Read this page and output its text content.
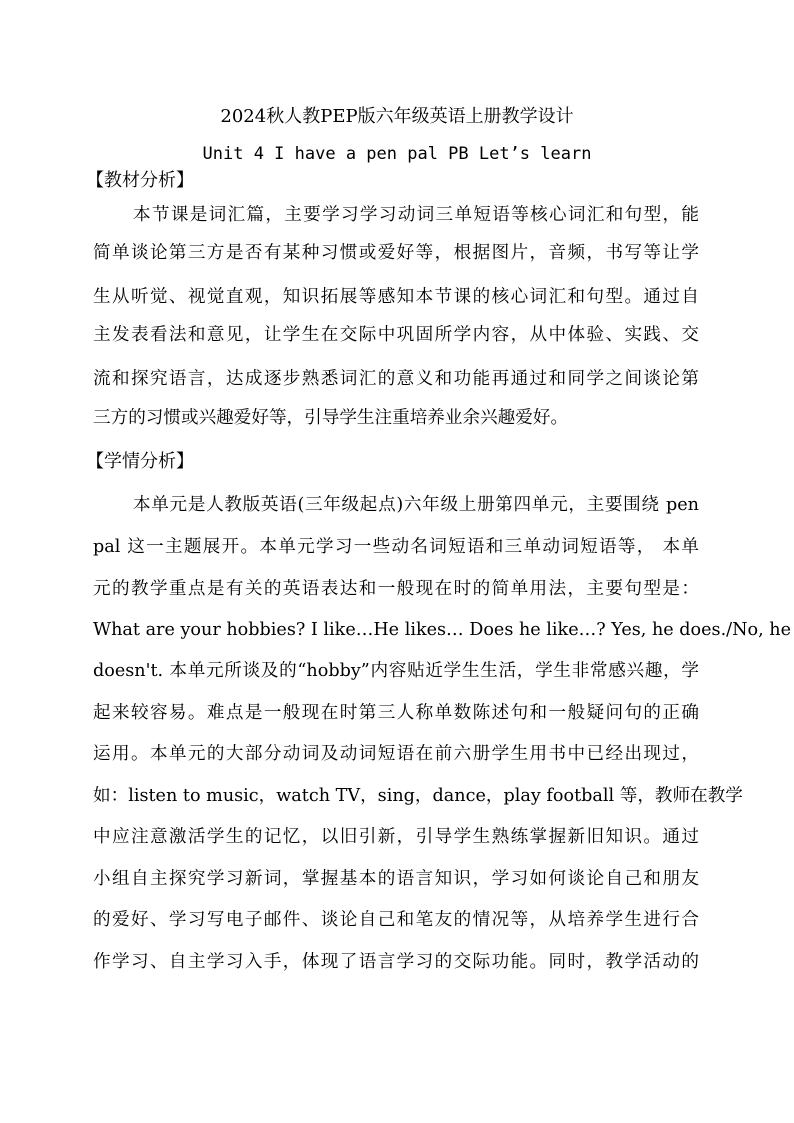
2024秋人教PEP版六年级英语上册教学设计
Unit 4 I have a pen pal PB Let’s learn
【教材分析】
本节课是词汇篇，主要学习学习动词三单短语等核心词汇和句型，能
简单谈论第三方是否有某种习惯或爱好等，根据图片，音频，书写等让学
生从听觉、视觉直观，知识拓展等感知本节课的核心词汇和句型。通过自
主发表看法和意见，让学生在交际中巩固所学内容，从中体验、实践、交
流和探究语言，达成逐步熟悉词汇的意义和功能再通过和同学之间谈论第
三方的习惯或兴趣爱好等，引导学生注重培养业余兴趣爱好。
【学情分析】
本单元是人教版英语(三年级起点)六年级上册第四单元，主要围绕 pen
pal 这一主题展开。本单元学习一些动名词短语和三单动词短语等， 本单
元的教学重点是有关的英语表达和一般现在时的简单用法，主要句型是：
What are your hobbies? I like…He likes… Does he like…? Yes, he does./No, he
doesn't. 本单元所谈及的“hobby”内容贴近学生生活，学生非常感兴趣，学
起来较容易。难点是一般现在时第三人称单数陈述句和一般疑问句的正确
运用。本单元的大部分动词及动词短语在前六册学生用书中已经出现过，
如：listen to music，watch TV，sing，dance，play football 等，教师在教学
中应注意激活学生的记忆，以旧引新，引导学生熟练掌握新旧知识。通过
小组自主探究学习新词，掌握基本的语言知识，学习如何谈论自己和朋友
的爱好、学习写电子邮件、谈论自己和笔友的情况等，从培养学生进行合
作学习、自主学习入手，体现了语言学习的交际功能。同时，教学活动的
